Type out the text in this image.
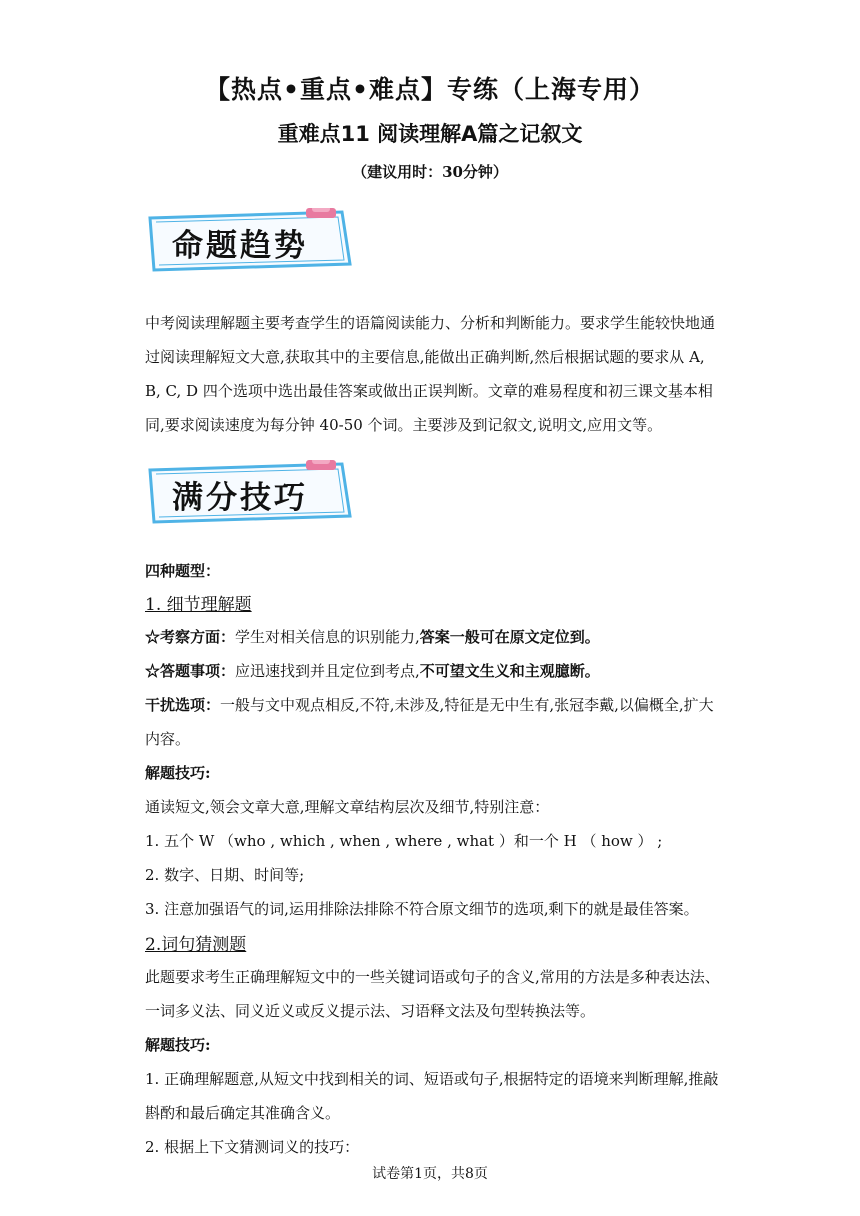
【热点•重点•难点】专练（上海专用）
重难点11 阅读理解A篇之记叙文
（建议用时：30分钟）
命题趋势
中考阅读理解题主要考查学生的语篇阅读能力、分析和判断能力。要求学生能较快地通
过阅读理解短文大意,获取其中的主要信息,能做出正确判断,然后根据试题的要求从 A,
B, C, D 四个选项中选出最佳答案或做出正误判断。文章的难易程度和初三课文基本相
同,要求阅读速度为每分钟 40-50 个词。主要涉及到记叙文,说明文,应用文等。
满分技巧
四种题型：
1. 细节理解题
☆考察方面：学生对相关信息的识别能力,答案一般可在原文定位到。
☆答题事项：应迅速找到并且定位到考点,不可望文生义和主观臆断。
干扰选项：一般与文中观点相反,不符,未涉及,特征是无中生有,张冠李戴,以偏概全,扩大
内容。
解题技巧:
通读短文,领会文章大意,理解文章结构层次及细节,特别注意：
1. 五个 W （who , which , when , where , what ）和一个 H （ how ） ;
2. 数字、日期、时间等;
3. 注意加强语气的词,运用排除法排除不符合原文细节的选项,剩下的就是最佳答案。
2.词句猜测题
此题要求考生正确理解短文中的一些关键词语或句子的含义,常用的方法是多种表达法、
一词多义法、同义近义或反义提示法、习语释文法及句型转换法等。
解题技巧:
1. 正确理解题意,从短文中找到相关的词、短语或句子,根据特定的语境来判断理解,推敲
斟酌和最后确定其准确含义。
2. 根据上下文猜测词义的技巧：
试卷第1页，共8页
